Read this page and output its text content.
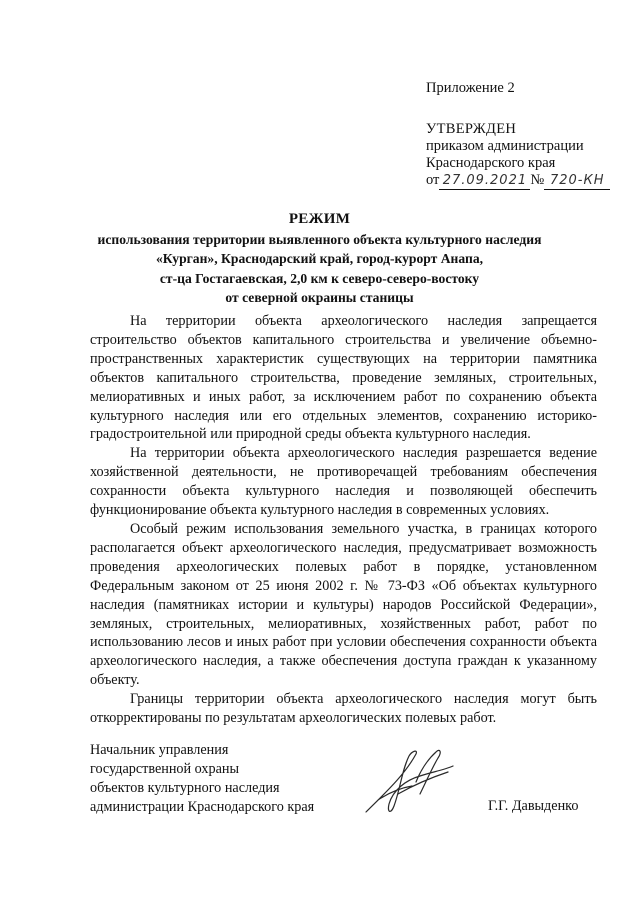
Приложение 2
УТВЕРЖДЕН
приказом администрации
Краснодарского края
от 27.09.2021 № 720-КН
РЕЖИМ
использования территории выявленного объекта культурного наследия
«Курган», Краснодарский край, город-курорт Анапа,
ст-ца Гостагаевская, 2,0 км к северо-северо-востоку
от северной окраины станицы

На территории объекта археологического наследия запрещается строительство объектов капитального строительства и увеличение объемно-пространственных характеристик существующих на территории памятника объектов капитального строительства, проведение земляных, строительных, мелиоративных и иных работ, за исключением работ по сохранению объекта культурного наследия или его отдельных элементов, сохранению историко-градостроительной или природной среды объекта культурного наследия.

На территории объекта археологического наследия разрешается ведение хозяйственной деятельности, не противоречащей требованиям обеспечения сохранности объекта культурного наследия и позволяющей обеспечить функционирование объекта культурного наследия в современных условиях.

Особый режим использования земельного участка, в границах которого располагается объект археологического наследия, предусматривает возможность проведения археологических полевых работ в порядке, установленном Федеральным законом от 25 июня 2002 г. № 73-ФЗ «Об объектах культурного наследия (памятниках истории и культуры) народов Российской Федерации», земляных, строительных, мелиоративных, хозяйственных работ, работ по использованию лесов и иных работ при условии обеспечения сохранности объекта археологического наследия, а также обеспечения доступа граждан к указанному объекту.

Границы территории объекта археологического наследия могут быть откорректированы по результатам археологических полевых работ.

Начальник управления
государственной охраны
объектов культурного наследия
администрации Краснодарского края	Г.Г. Давыденко
